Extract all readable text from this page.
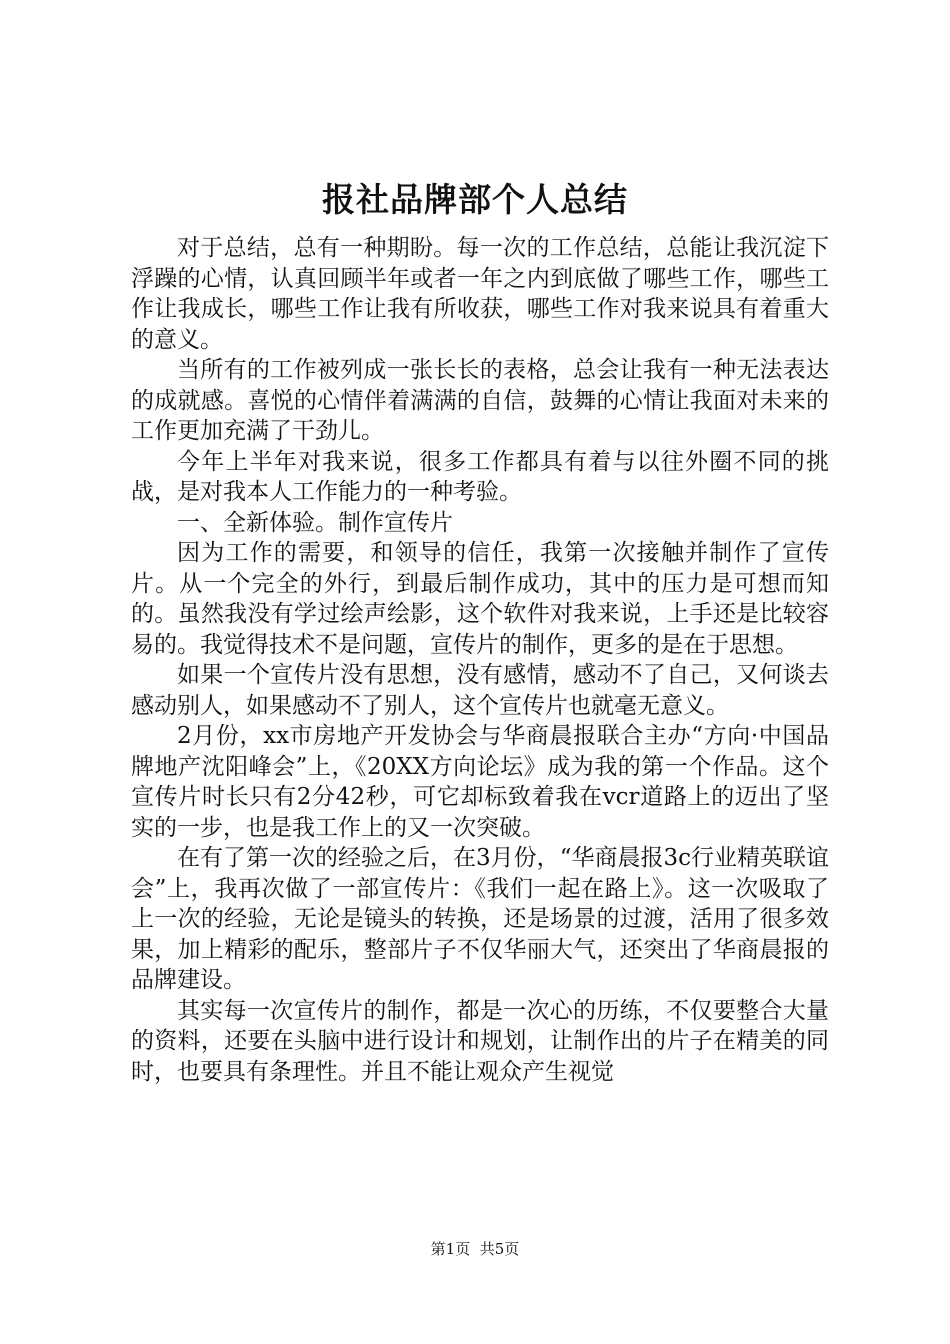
报社品牌部个人总结

对于总结，总有一种期盼。每一次的工作总结，总能让我沉淀下浮躁的心情，认真回顾半年或者一年之内到底做了哪些工作，哪些工作让我成长，哪些工作让我有所收获，哪些工作对我来说具有着重大的意义。

当所有的工作被列成一张长长的表格，总会让我有一种无法表达的成就感。喜悦的心情伴着满满的自信，鼓舞的心情让我面对未来的工作更加充满了干劲儿。

今年上半年对我来说，很多工作都具有着与以往外圈不同的挑战，是对我本人工作能力的一种考验。

一、全新体验。制作宣传片

因为工作的需要，和领导的信任，我第一次接触并制作了宣传片。从一个完全的外行，到最后制作成功，其中的压力是可想而知的。虽然我没有学过绘声绘影，这个软件对我来说，上手还是比较容易的。我觉得技术不是问题，宣传片的制作，更多的是在于思想。

如果一个宣传片没有思想，没有感情，感动不了自己，又何谈去感动别人，如果感动不了别人，这个宣传片也就毫无意义。

2月份，xx市房地产开发协会与华商晨报联合主办“方向·中国品牌地产沈阳峰会”上，《20XX方向论坛》成为我的第一个作品。这个宣传片时长只有2分42秒，可它却标致着我在vcr道路上的迈出了坚实的一步，也是我工作上的又一次突破。

在有了第一次的经验之后，在3月份，“华商晨报3c行业精英联谊会”上，我再次做了一部宣传片：《我们一起在路上》。这一次吸取了上一次的经验，无论是镜头的转换，还是场景的过渡，活用了很多效果，加上精彩的配乐，整部片子不仅华丽大气，还突出了华商晨报的品牌建设。

其实每一次宣传片的制作，都是一次心的历练，不仅要整合大量的资料，还要在头脑中进行设计和规划，让制作出的片子在精美的同时，也要具有条理性。并且不能让观众产生视觉

第1页 共5页
